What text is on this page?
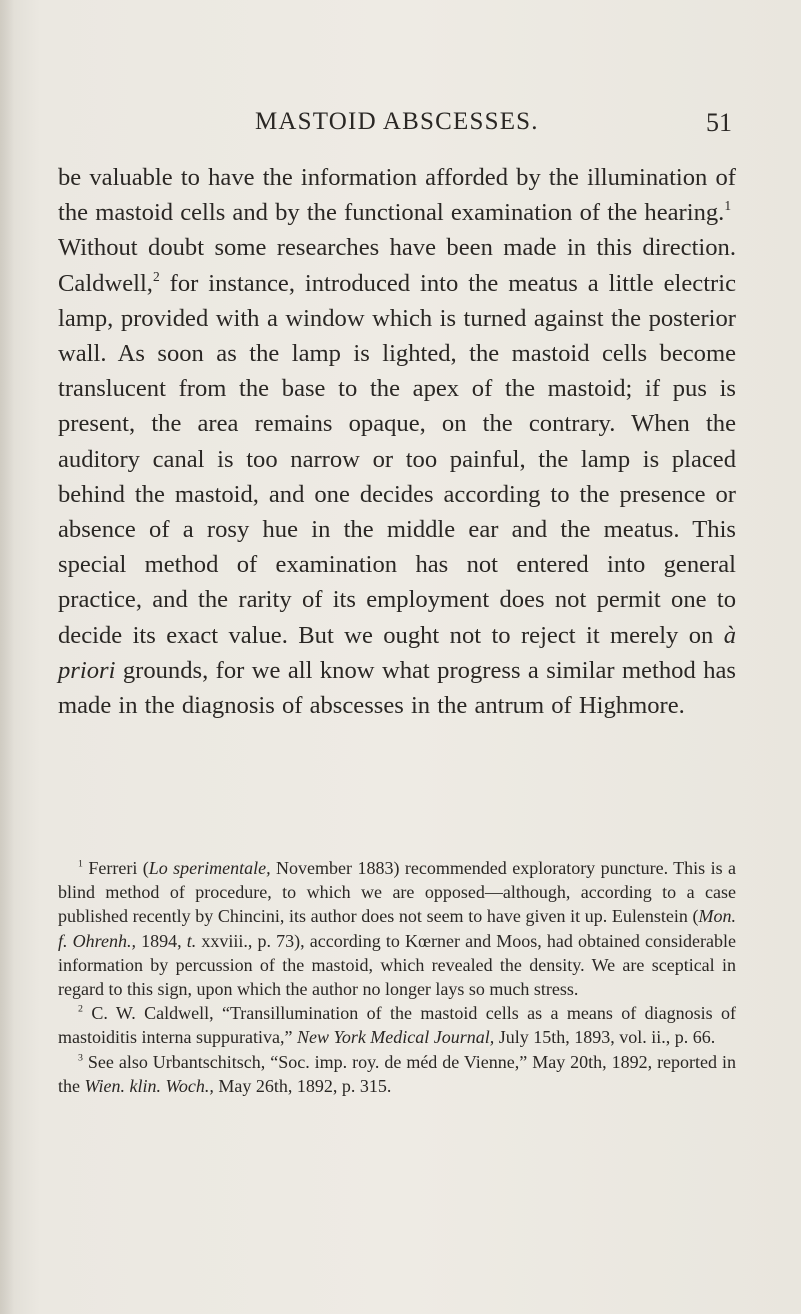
MASTOID ABSCESSES.	51

be valuable to have the information afforded by the illumination of the mastoid cells and by the functional examination of the hearing.$^1$

Without doubt some researches have been made in this direction. Caldwell,$^2$ for instance, introduced into the meatus a little electric lamp, provided with a window which is turned against the posterior wall. As soon as the lamp is lighted, the mastoid cells become translucent from the base to the apex of the mastoid; if pus is present, the area remains opaque, on the contrary. When the auditory canal is too narrow or too painful, the lamp is placed behind the mastoid, and one decides according to the presence or absence of a rosy hue in the middle ear and the meatus. This special method of examination has not entered into general practice, and the rarity of its employment does not permit one to decide its exact value. But we ought not to reject it merely on à priori grounds, for we all know what progress a similar method has made in the diagnosis of abscesses in the antrum of Highmore.

$^1$ Ferreri (Lo sperimentale, November 1883) recommended exploratory puncture. This is a blind method of procedure, to which we are opposed—although, according to a case published recently by Chincini, its author does not seem to have given it up. Eulenstein (Mon. f. Ohrenh., 1894, t. xxviii., p. 73), according to Kœrner and Moos, had obtained considerable information by percussion of the mastoid, which revealed the density. We are sceptical in regard to this sign, upon which the author no longer lays so much stress.

$^2$ C. W. Caldwell, “Transillumination of the mastoid cells as a means of diagnosis of mastoiditis interna suppurativa,” New York Medical Journal, July 15th, 1893, vol. ii., p. 66.

$^3$ See also Urbantschitsch, “Soc. imp. roy. de méd de Vienne,” May 20th, 1892, reported in the Wien. klin. Woch., May 26th, 1892, p. 315.
